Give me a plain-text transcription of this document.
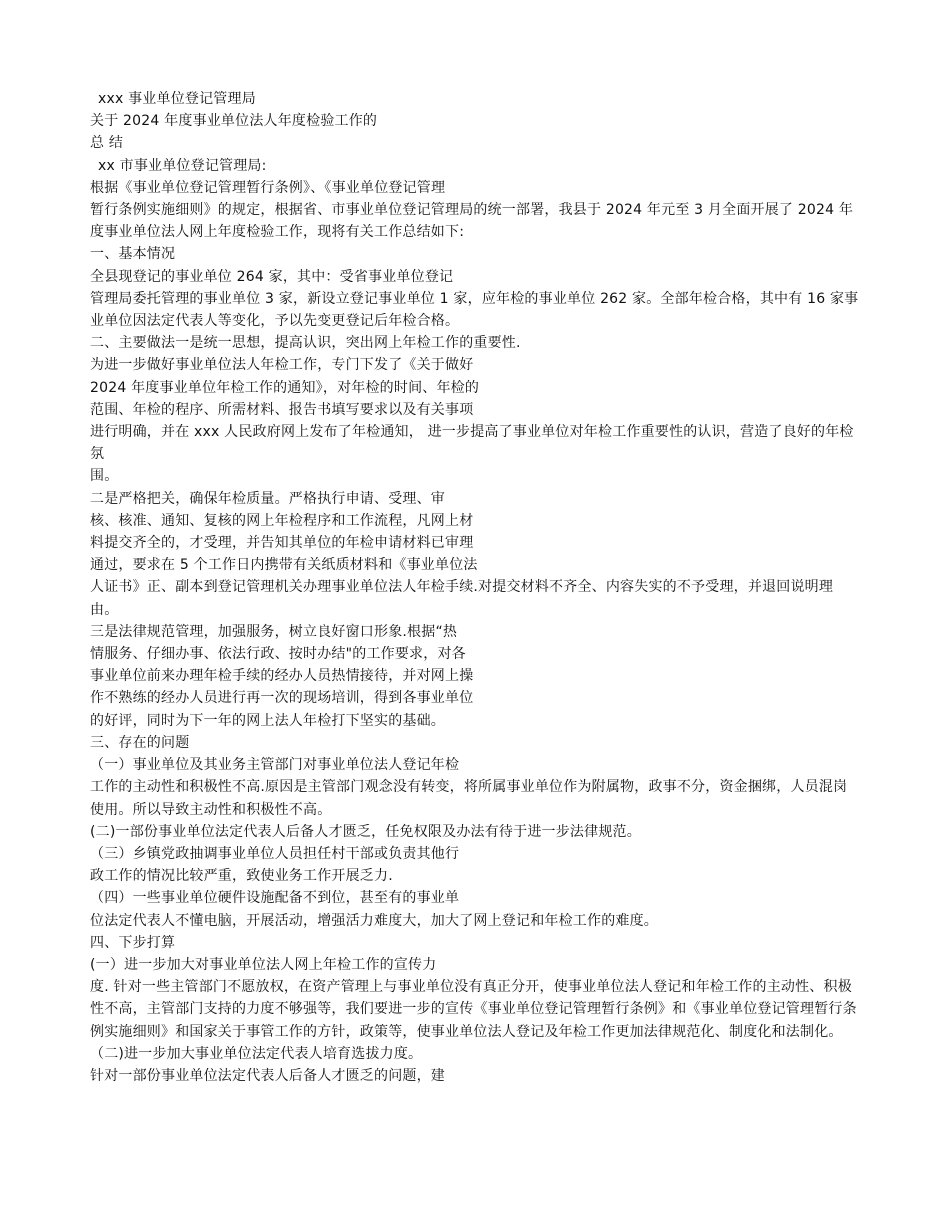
xxx 事业单位登记管理局

关于 2024 年度事业单位法人年度检验工作的

总 结

xx 市事业单位登记管理局:

根据《事业单位登记管理暂行条例》、《事业单位登记管理

暂行条例实施细则》的规定，根据省、市事业单位登记管理局的统一部署，我县于 2024 年元至 3 月全面开展了 2024 年度事业单位法人网上年度检验工作，现将有关工作总结如下:

一、基本情况

全县现登记的事业单位 264 家，其中：受省事业单位登记

管理局委托管理的事业单位 3 家，新设立登记事业单位 1 家，应年检的事业单位 262 家。全部年检合格，其中有 16 家事业单位因法定代表人等变化，予以先变更登记后年检合格。

二、主要做法一是统一思想，提高认识，突出网上年检工作的重要性.

为进一步做好事业单位法人年检工作，专门下发了《关于做好

2024 年度事业单位年检工作的通知》，对年检的时间、年检的

范围、年检的程序、所需材料、报告书填写要求以及有关事项

进行明确，并在 xxx 人民政府网上发布了年检通知， 进一步提高了事业单位对年检工作重要性的认识，营造了良好的年检氛

围。

二是严格把关，确保年检质量。严格执行申请、受理、审

核、核准、通知、复核的网上年检程序和工作流程，凡网上材

料提交齐全的，才受理，并告知其单位的年检申请材料已审理

通过，要求在 5 个工作日内携带有关纸质材料和《事业单位法

人证书》正、副本到登记管理机关办理事业单位法人年检手续.对提交材料不齐全、内容失实的不予受理，并退回说明理由。

三是法律规范管理，加强服务，树立良好窗口形象.根据“热

情服务、仔细办事、依法行政、按时办结"的工作要求，对各

事业单位前来办理年检手续的经办人员热情接待，并对网上操

作不熟练的经办人员进行再一次的现场培训，得到各事业单位

的好评，同时为下一年的网上法人年检打下坚实的基础。

三、存在的问题

（一）事业单位及其业务主管部门对事业单位法人登记年检

工作的主动性和积极性不高.原因是主管部门观念没有转变，将所属事业单位作为附属物，政事不分，资金捆绑，人员混岗使用。所以导致主动性和积极性不高。

(二)一部份事业单位法定代表人后备人才匮乏，任免权限及办法有待于进一步法律规范。

（三）乡镇党政抽调事业单位人员担任村干部或负责其他行

政工作的情况比较严重，致使业务工作开展乏力.

（四）一些事业单位硬件设施配备不到位，甚至有的事业单

位法定代表人不懂电脑，开展活动，增强活力难度大，加大了网上登记和年检工作的难度。

四、下步打算

(一）进一步加大对事业单位法人网上年检工作的宣传力

度. 针对一些主管部门不愿放权，在资产管理上与事业单位没有真正分开，使事业单位法人登记和年检工作的主动性、积极性不高，主管部门支持的力度不够强等，我们要进一步的宣传《事业单位登记管理暂行条例》和《事业单位登记管理暂行条例实施细则》和国家关于事管工作的方针，政策等，使事业单位法人登记及年检工作更加法律规范化、制度化和法制化。

（二)进一步加大事业单位法定代表人培育选拔力度。

针对一部份事业单位法定代表人后备人才匮乏的问题，建
